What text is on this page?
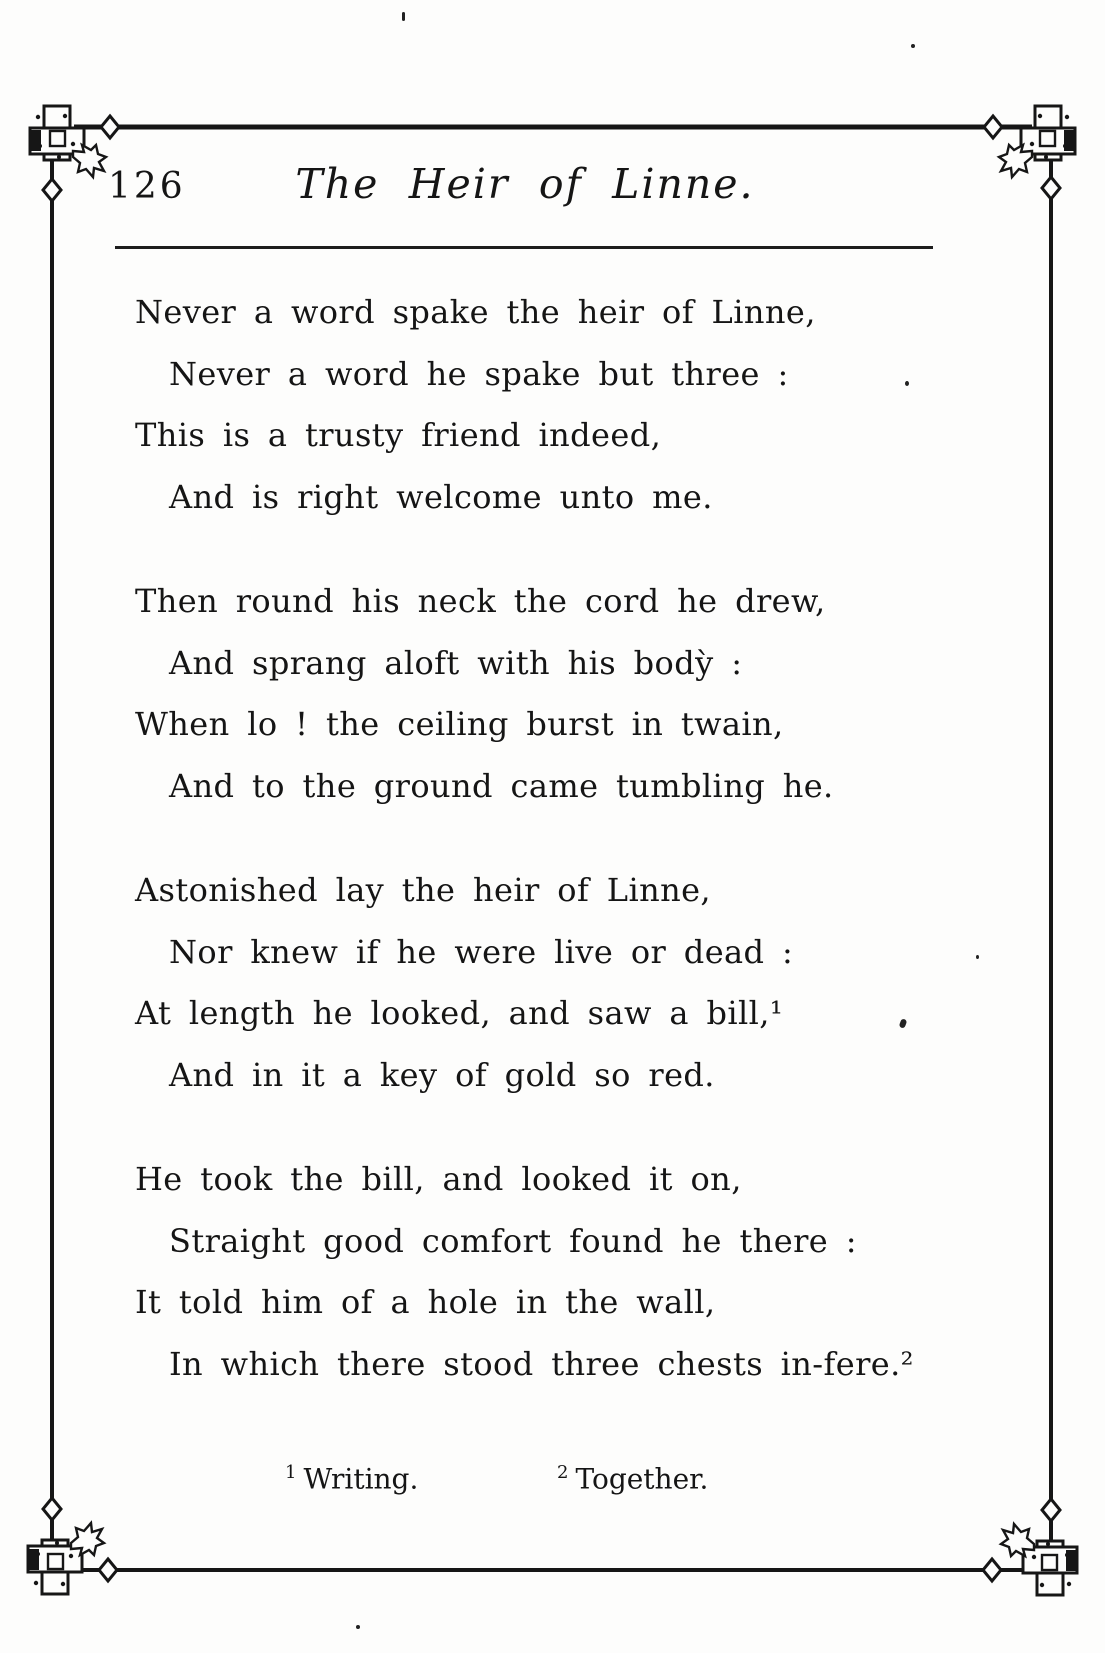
126	The Heir of Linne.
Never a word spake the heir of Linne,
Never a word he spake but three :
This is a trusty friend indeed,
And is right welcome unto me.
Then round his neck the cord he drew,
And sprang aloft with his bodỳ :
When lo ! the ceiling burst in twain,
And to the ground came tumbling he.
Astonished lay the heir of Linne,
Nor knew if he were live or dead :
At length he looked, and saw a bill,¹
And in it a key of gold so red.
He took the bill, and looked it on,
Straight good comfort found he there :
It told him of a hole in the wall,
In which there stood three chests in-fere.²
$^1$ Writing.	$^2$ Together.
